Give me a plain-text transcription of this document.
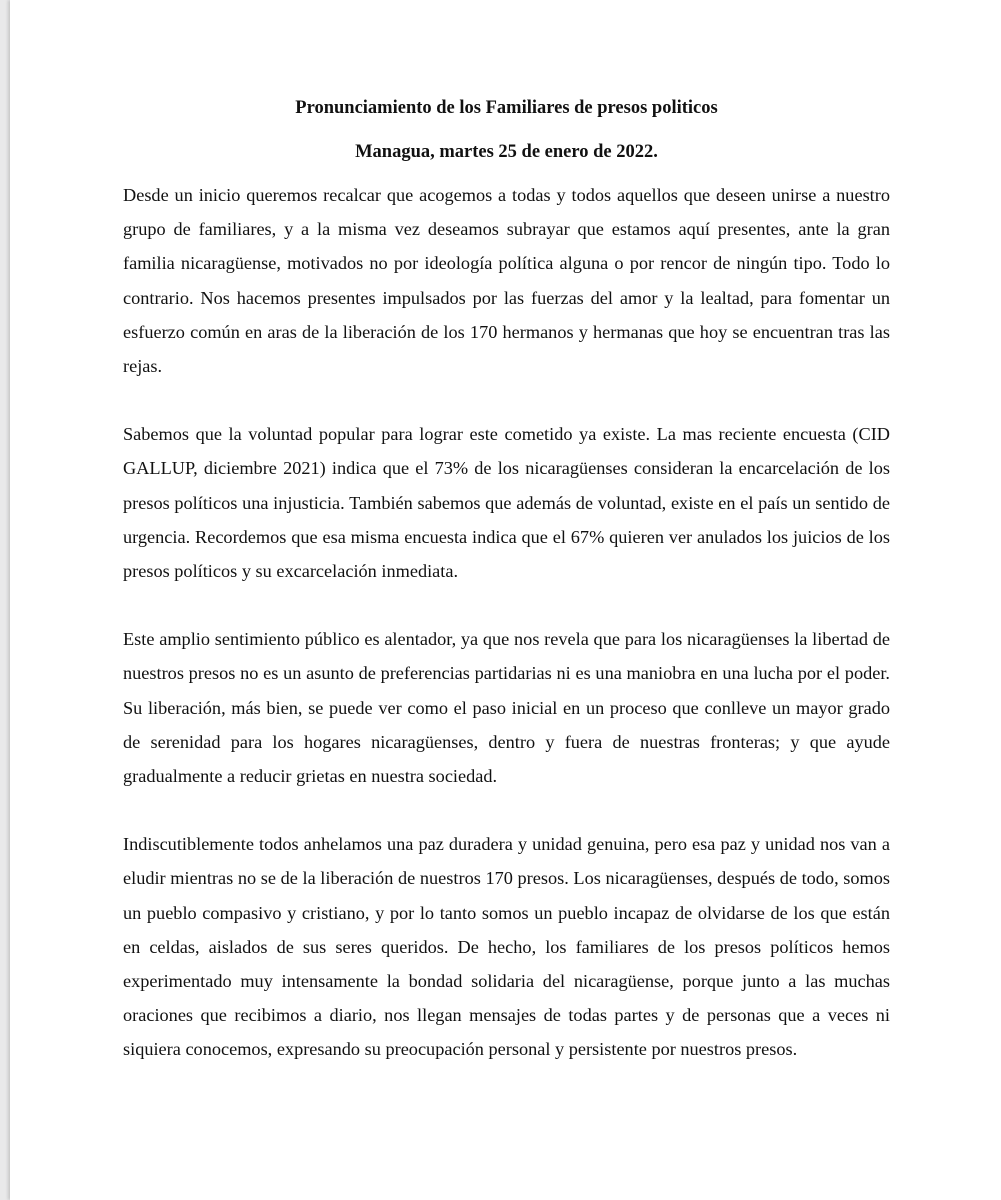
Pronunciamiento de los Familiares de presos politicos

Managua, martes 25 de enero de 2022.

Desde un inicio queremos recalcar que acogemos a todas y todos aquellos que deseen unirse a nuestro grupo de familiares, y a la misma vez deseamos subrayar que estamos aquí presentes, ante la gran familia nicaragüense, motivados no por ideología política alguna o por rencor de ningún tipo. Todo lo contrario. Nos hacemos presentes impulsados por las fuerzas del amor y la lealtad, para fomentar un esfuerzo común en aras de la liberación de los 170 hermanos y hermanas que hoy se encuentran tras las rejas.

Sabemos que la voluntad popular para lograr este cometido ya existe. La mas reciente encuesta (CID GALLUP, diciembre 2021) indica que el 73% de los nicaragüenses consideran la encarcelación de los presos políticos una injusticia. También sabemos que además de voluntad, existe en el país un sentido de urgencia. Recordemos que esa misma encuesta indica que el 67% quieren ver anulados los juicios de los presos políticos y su excarcelación inmediata.

Este amplio sentimiento público es alentador, ya que nos revela que para los nicaragüenses la libertad de nuestros presos no es un asunto de preferencias partidarias ni es una maniobra en una lucha por el poder. Su liberación, más bien, se puede ver como el paso inicial en un proceso que conlleve un mayor grado de serenidad para los hogares nicaragüenses, dentro y fuera de nuestras fronteras; y que ayude gradualmente a reducir grietas en nuestra sociedad.

Indiscutiblemente todos anhelamos una paz duradera y unidad genuina, pero esa paz y unidad nos van a eludir mientras no se de la liberación de nuestros 170 presos. Los nicaragüenses, después de todo, somos un pueblo compasivo y cristiano, y por lo tanto somos un pueblo incapaz de olvidarse de los que están en celdas, aislados de sus seres queridos. De hecho, los familiares de los presos políticos hemos experimentado muy intensamente la bondad solidaria del nicaragüense, porque junto a las muchas oraciones que recibimos a diario, nos llegan mensajes de todas partes y de personas que a veces ni siquiera conocemos, expresando su preocupación personal y persistente por nuestros presos.
